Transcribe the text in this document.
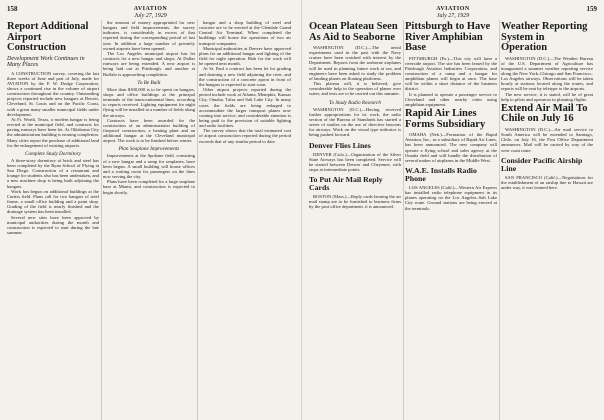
158	AVIATION
July 27, 1929
Report Additional Airport Construction
Development Work Continues in Many Places

A CONSTRUCTION survey, covering the last three weeks of June and part of July, made for AVIATION by the F. W. Dodge Corporation, shows a continued rise in the volume of airport construction throughout the country. Outstanding projects reported include new hangars at Detroit, Cleveland, St. Louis and on the Pacific Coast, with a great many smaller municipal fields under development.

At Ft. Worth, Texas, a modern hangar is being erected at the municipal field, and contracts for paving runways have been let. At Oklahoma City the administration building is nearing completion. Many cities report the purchase of additional land for the enlargement of existing airports.

Complete Study Dormitory

A three-story dormitory of brick and steel has been completed by the Ryan School of Flying at San Diego. Construction of a restaurant and lounge for students also has been undertaken, and a new machine shop is being built adjoining the hangars.

Work has begun on additional buildings at the Curtiss field. Plans call for two hangars of steel frame, a small office building and a paint shop. Grading of the field is nearly finished and the drainage system has been installed.

Several new sites have been approved by municipal authorities during the month and construction is expected to start during the late summer.

the amount of money appropriated for new hangars and field improvements, the survey indicates, is considerably in excess of that reported during the corresponding period of last year. In addition a large number of privately owned airports have been opened.

The Los Angeles municipal airport has let contracts for a new hangar and shops. At Dallas runways are being extended. A new airport is being laid out at Pittsburgh, and another at Buffalo is approaching completion.

To Be Built

More than $300,000 is to be spent on hangars, shops and office buildings at the principal terminals of the transcontinental lines, according to reports received. Lighting equipment for night flying will be installed at a number of fields along the airways.

Contracts have been awarded for the construction of an administration building of fireproof construction, a heating plant and an additional hangar at the Cleveland municipal airport. The work is to be finished before winter.

Plan Seaplane Improvements

Improvements at the Spokane field, consisting of a new hangar and a ramp for seaplanes, have been begun. A small building will house offices and a waiting room for passengers on the lines now serving the city.

Plans have been completed for a large seaplane base at Miami, and construction is expected to begin shortly.

hangar and a shop building of steel and concrete are to be erected at the Glendale Grand Central Air Terminal. When completed the buildings will house the operations of two air transport companies.

Municipal authorities at Denver have approved plans for an additional hangar and lighting of the field for night operation. Bids for the work will be opened next month.

At St. Paul a contract has been let for grading and draining a new field adjoining the river, and the construction of a concrete apron in front of the hangars is expected to start soon.

Other airport projects reported during the period include work at Atlanta, Memphis, Kansas City, Omaha, Tulsa and Salt Lake City. In many cases the fields are being enlarged to accommodate the larger transport planes now coming into service, and considerable attention is being paid to the provision of suitable lighting and radio facilities.

The survey shows that the total estimated cost of airport construction reported during the period exceeds that of any similar period to date.

AVIATION
July 27, 1929
159
Ocean Plateau Seen As Aid to Seaborne

WASHINGTON (D.C.)—The aerial experiments used in the past with the Navy cruiser have been watched with interest by the Department. Reports from the seaborne airplanes will be used in planning future work at sea, and engineers have been asked to study the problem of landing planes on floating platforms.

This plateau will, it is believed, give considerable help in the operation of planes over water, and tests are to be carried out this summer.

To Study Radio Research

WASHINGTON (D.C.)—Having received further appropriations for its work, the radio section of the Bureau of Standards has started a series of studies on the use of directive beacons for airways. Work on the visual type indicator is being pushed forward.

Denver Flies Lines

DENVER (Colo.)—Organization of the Silver State Airways has been completed. Service will be started between Denver and Cheyenne, with stops at intermediate points.

To Put Air Mail Reply Cards

BOSTON (Mass.)—Reply cards bearing the air mail stamp are to be furnished to business firms by the post office department, it is announced.

Pittsburgh to Have River Amphibian Base

PITTSBURGH (Pa.)—This city will have a riverside airport. The site has been leased by the Pittsburgh Aviation Industries Corporation, and construction of a ramp and a hangar for amphibian planes will begin at once. The base will be within a short distance of the business district.

It is planned to operate a passenger service to Cleveland and other nearby cities using amphibian equipment.

Rapid Air Lines Forms Subsidiary

OMAHA (Neb.)—Formation of the Rapid Aviation, Inc., as a subsidiary of Rapid Air Lines, has been announced. The new company will operate a flying school and sales agency at the Omaha field and will handle the distribution of several makes of airplanes in the Middle West.

W.A.E. Installs Radio Phone

LOS ANGELES (Calif.)—Western Air Express has installed radio telephone equipment in its planes operating on the Los Angeles–Salt Lake City route. Ground stations are being erected at the terminals.

Weather Reporting System in Operation

WASHINGTON (D.C.)—The Weather Bureau of the U.S. Department of Agriculture has inaugurated a summer weather reporting service along the New York–Chicago and San Francisco–Los Angeles airways. Observations will be taken hourly at stations located along the routes, and reports will be sent by teletype to the airports.

The new service, it is stated, will be of great help to pilots and operators in planning flights.

Extend Air Mail To Chile on July 16

WASHINGTON (D.C.)—Air mail service to South America will be extended to Santiago, Chile, on July 16, the Post Office Department announces. Mail will be carried by way of the west coast route.

Consider Pacific Airship Line

SAN FRANCISCO (Calif.)—Negotiations for the establishment of an airship line to Hawaii are under way, it was learned here.
